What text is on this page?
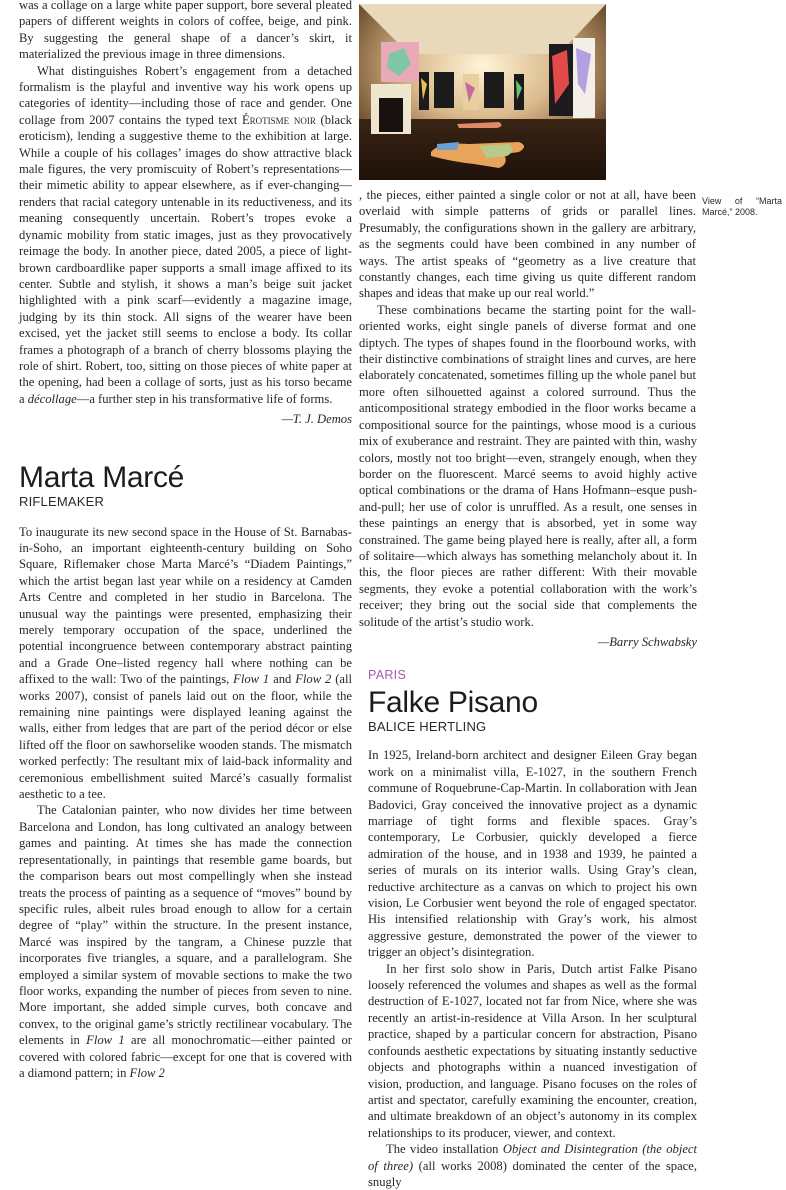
was a collage on a large white paper support, bore several pleated papers of different weights in colors of coffee, beige, and pink. By suggesting the general shape of a dancer’s skirt, it materialized the previous image in three dimensions.

What distinguishes Robert’s engagement from a detached formalism is the playful and inventive way his work opens up categories of identity—including those of race and gender. One collage from 2007 contains the typed text Érotisme noir (black eroticism), lending a suggestive theme to the exhibition at large. While a couple of his collages’ images do show attractive black male figures, the very promiscuity of Robert’s representations—their mimetic ability to appear elsewhere, as if ever-changing—renders that racial category untenable in its reductiveness, and its meaning consequently uncertain. Robert’s tropes evoke a dynamic mobility from static images, just as they provocatively reimage the body. In another piece, dated 2005, a piece of light-brown cardboardlike paper supports a small image affixed to its center. Subtle and stylish, it shows a man’s beige suit jacket highlighted with a pink scarf—evidently a magazine image, judging by its thin stock. All signs of the wearer have been excised, yet the jacket still seems to enclose a body. Its collar frames a photograph of a branch of cherry blossoms playing the role of shirt. Robert, too, sitting on those pieces of white paper at the opening, had been a collage of sorts, just as his torso became a décollage—a further step in his transformative life of forms.

—T. J. Demos
Marta Marcé
RIFLEMAKER

To inaugurate its new second space in the House of St. Barnabas-in-Soho, an important eighteenth-century building on Soho Square, Riflemaker chose Marta Marcé’s “Diadem Paintings,” which the artist began last year while on a residency at Camden Arts Centre and completed in her studio in Barcelona. The unusual way the paintings were presented, emphasizing their merely temporary occupation of the space, underlined the potential incongruence between contemporary abstract painting and a Grade One–listed regency hall where nothing can be affixed to the wall: Two of the paintings, Flow 1 and Flow 2 (all works 2007), consist of panels laid out on the floor, while the remaining nine paintings were displayed leaning against the walls, either from ledges that are part of the period décor or else lifted off the floor on sawhorselike wooden stands. The mismatch worked perfectly: The resultant mix of laid-back informality and ceremonious embellishment suited Marcé’s casually formalist aesthetic to a tee.

The Catalonian painter, who now divides her time between Barcelona and London, has long cultivated an analogy between games and painting. At times she has made the connection representationally, in paintings that resemble game boards, but the comparison bears out most compellingly when she instead treats the process of painting as a sequence of “moves” bound by specific rules, albeit rules broad enough to allow for a certain degree of “play” within the structure. In the present instance, Marcé was inspired by the tangram, a Chinese puzzle that incorporates five triangles, a square, and a parallelogram. She employed a similar system of movable sections to make the two floor works, expanding the number of pieces from seven to nine. More important, she added simple curves, both concave and convex, to the original game’s strictly rectilinear vocabulary. The elements in Flow 1 are all monochromatic—either painted or covered with colored fabric—except for one that is covered with a diamond pattern; in Flow 2

View of “Marta Marcé,” 2008.

, the pieces, either painted a single color or not at all, have been overlaid with simple patterns of grids or parallel lines. Presumably, the configurations shown in the gallery are arbitrary, as the segments could have been combined in any number of ways. The artist speaks of “geometry as a live creature that constantly changes, each time giving us quite different random shapes and ideas that make up our real world.”

These combinations became the starting point for the wall-oriented works, eight single panels of diverse format and one diptych. The types of shapes found in the floorbound works, with their distinctive combinations of straight lines and curves, are here elaborately concatenated, sometimes filling up the whole panel but more often silhouetted against a colored surround. Thus the anticompositional strategy embodied in the floor works became a compositional source for the paintings, whose mood is a curious mix of exuberance and restraint. They are painted with thin, washy colors, mostly not too bright—even, strangely enough, when they border on the fluorescent. Marcé seems to avoid highly active optical combinations or the drama of Hans Hofmann–esque push-and-pull; her use of color is unruffled. As a result, one senses in these paintings an energy that is absorbed, yet in some way constrained. The game being played here is really, after all, a form of solitaire—which always has something melancholy about it. In this, the floor pieces are rather different: With their movable segments, they evoke a potential collaboration with the work’s receiver; they bring out the social side that complements the solitude of the artist’s studio work.

—Barry Schwabsky
PARIS
Falke Pisano
BALICE HERTLING

In 1925, Ireland-born architect and designer Eileen Gray began work on a minimalist villa, E-1027, in the southern French commune of Roquebrune-Cap-Martin. In collaboration with Jean Badovici, Gray conceived the innovative project as a dynamic marriage of tight forms and flexible spaces. Gray’s contemporary, Le Corbusier, quickly developed a fierce admiration of the house, and in 1938 and 1939, he painted a series of murals on its interior walls. Using Gray’s clean, reductive architecture as a canvas on which to project his own vision, Le Corbusier went beyond the role of engaged spectator. His intensified relationship with Gray’s work, his almost aggressive gesture, demonstrated the power of the viewer to trigger an object’s disintegration.

In her first solo show in Paris, Dutch artist Falke Pisano loosely referenced the volumes and shapes as well as the formal destruction of E-1027, located not far from Nice, where she was recently an artist-in-residence at Villa Arson. In her sculptural practice, shaped by a particular concern for abstraction, Pisano confounds aesthetic expectations by situating instantly seductive objects and photographs within a nuanced investigation of vision, production, and language. Pisano focuses on the roles of artist and spectator, carefully examining the encounter, creation, and ultimate breakdown of an object’s autonomy in its complex relationships to its producer, viewer, and context.

The video installation Object and Disintegration (the object of three) (all works 2008) dominated the center of the space, snugly
